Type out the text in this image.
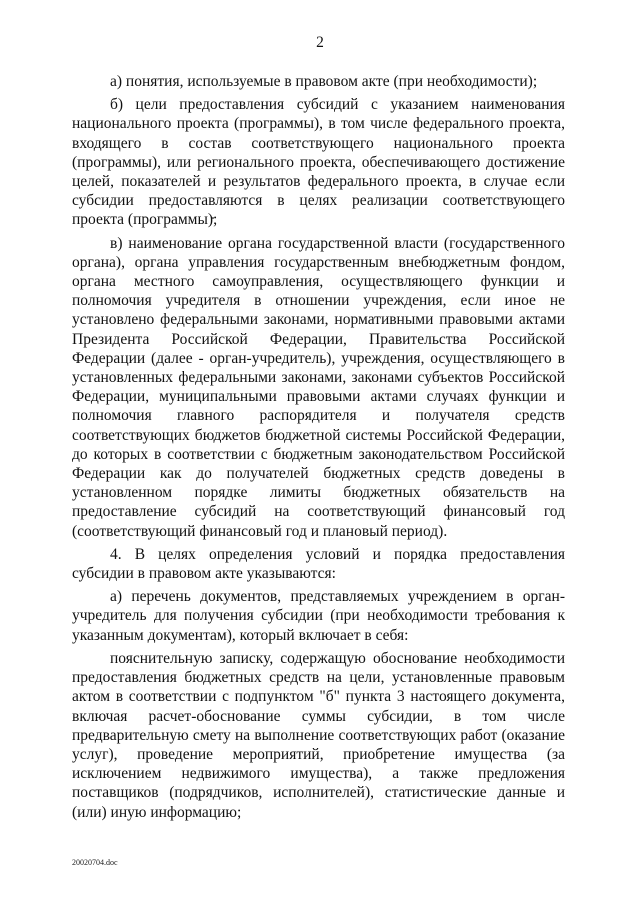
2

а) понятия, используемые в правовом акте (при необходимости);

б) цели предоставления субсидий с указанием наименования национального проекта (программы), в том числе федерального проекта, входящего в состав соответствующего национального проекта (программы), или регионального проекта, обеспечивающего достижение целей, показателей и результатов федерального проекта, в случае если субсидии предоставляются в целях реализации соответствующего проекта (программы);

в) наименование органа государственной власти (государственного органа), органа управления государственным внебюджетным фондом, органа местного самоуправления, осуществляющего функции и полномочия учредителя в отношении учреждения, если иное не установлено федеральными законами, нормативными правовыми актами Президента Российской Федерации, Правительства Российской Федерации (далее - орган-учредитель), учреждения, осуществляющего в установленных федеральными законами, законами субъектов Российской Федерации, муниципальными правовыми актами случаях функции и полномочия главного распорядителя и получателя средств соответствующих бюджетов бюджетной системы Российской Федерации, до которых в соответствии с бюджетным законодательством Российской Федерации как до получателей бюджетных средств доведены в установленном порядке лимиты бюджетных обязательств на предоставление субсидий на соответствующий финансовый год (соответствующий финансовый год и плановый период).

4. В целях определения условий и порядка предоставления субсидии в правовом акте указываются:

а) перечень документов, представляемых учреждением в орган-учредитель для получения субсидии (при необходимости требования к указанным документам), который включает в себя:

пояснительную записку, содержащую обоснование необходимости предоставления бюджетных средств на цели, установленные правовым актом в соответствии с подпунктом "б" пункта 3 настоящего документа, включая расчет-обоснование суммы субсидии, в том числе предварительную смету на выполнение соответствующих работ (оказание услуг), проведение мероприятий, приобретение имущества (за исключением недвижимого имущества), а также предложения поставщиков (подрядчиков, исполнителей), статистические данные и (или) иную информацию;

20020704.doc
